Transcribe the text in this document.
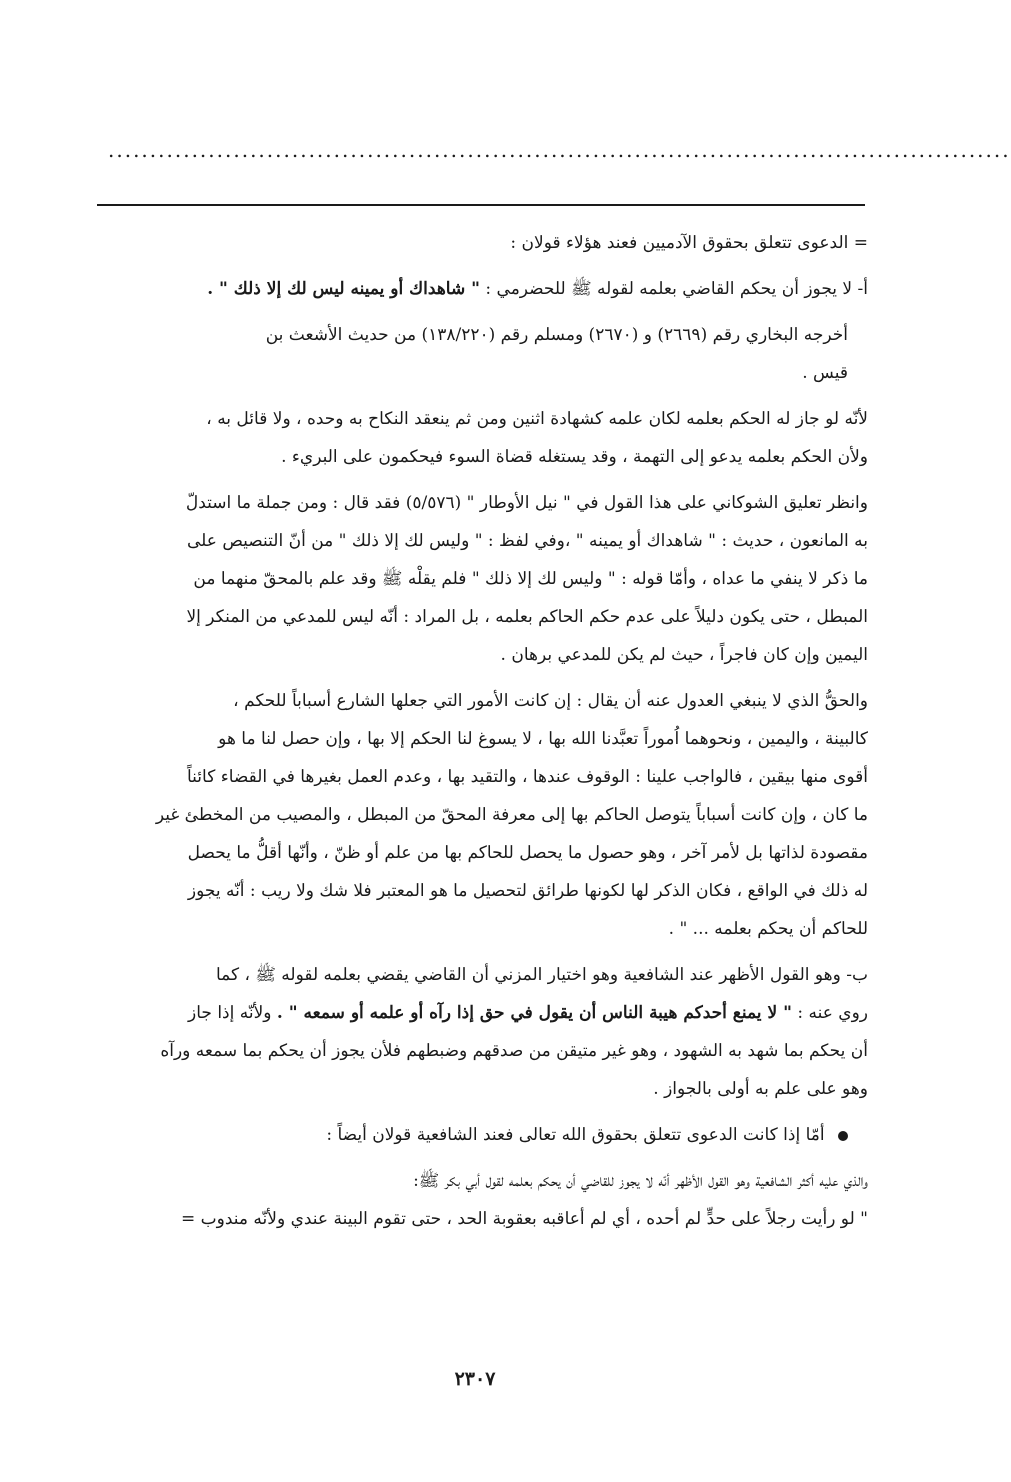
............................................................................................................
= الدعوى تتعلق بحقوق الآدميين فعند هؤلاء قولان :
أ- لا يجوز أن يحكم القاضي بعلمه لقوله ﷺ للحضرمي : " شاهداك أو يمينه ليس لك إلا ذلك " .
أخرجه البخاري رقم (٢٦٦٩) و (٢٦٧٠) ومسلم رقم (١٣٨/٢٢٠) من حديث الأشعث بن
قيس .
لأنّه لو جاز له الحكم بعلمه لكان علمه كشهادة اثنين ومن ثم ينعقد النكاح به وحده ، ولا قائل به ،
ولأن الحكم بعلمه يدعو إلى التهمة ، وقد يستغله قضاة السوء فيحكمون على البريء .
وانظر تعليق الشوكاني على هذا القول في " نيل الأوطار " (٥/٥٧٦) فقد قال : ومن جملة ما استدلّ
به المانعون ، حديث : " شاهداك أو يمينه " ،وفي لفظ : " وليس لك إلا ذلك " من أنّ التنصيص على
ما ذكر لا ينفي ما عداه ، وأمّا قوله : " وليس لك إلا ذلك " فلم يقلْه ﷺ وقد علم بالمحقّ منهما من
المبطل ، حتى يكون دليلاً على عدم حكم الحاكم بعلمه ، بل المراد : أنّه ليس للمدعي من المنكر إلا
اليمين وإن كان فاجراً ، حيث لم يكن للمدعي برهان .
والحقُّ الذي لا ينبغي العدول عنه أن يقال : إن كانت الأمور التي جعلها الشارع أسباباً للحكم ،
كالبينة ، واليمين ، ونحوهما اُموراً تعبَّدنا الله بها ، لا يسوغ لنا الحكم إلا بها ، وإن حصل لنا ما هو
أقوى منها بيقين ، فالواجب علينا : الوقوف عندها ، والتقيد بها ، وعدم العمل بغيرها في القضاء كائناً
ما كان ، وإن كانت أسباباً يتوصل الحاكم بها إلى معرفة المحقّ من المبطل ، والمصيب من المخطئ غير
مقصودة لذاتها بل لأمر آخر ، وهو حصول ما يحصل للحاكم بها من علم أو ظنّ ، وأنّها أقلُّ ما يحصل
له ذلك في الواقع ، فكان الذكر لها لكونها طرائق لتحصيل ما هو المعتبر فلا شك ولا ريب : أنّه يجوز
للحاكم أن يحكم بعلمه ... " .
ب- وهو القول الأظهر عند الشافعية وهو اختيار المزني أن القاضي يقضي بعلمه لقوله ﷺ ، كما
روي عنه : " لا يمنع أحدكم هيبة الناس أن يقول في حق إذا رآه أو علمه أو سمعه " . ولأنّه إذا جاز
أن يحكم بما شهد به الشهود ، وهو غير متيقن من صدقهم وضبطهم فلأن يجوز أن يحكم بما سمعه ورآه
وهو على علم به أولى بالجواز .
أمّا إذا كانت الدعوى تتعلق بحقوق الله تعالى فعند الشافعية قولان أيضاً :
والذي عليه أكثر الشافعية وهو القول الأظهر أنّه لا يجوز للقاضي أن يحكم بعلمه لقول أبي بكر ﷺ:
" لو رأيت رجلاً على حدٍّ لم أحده ، أي لم أعاقبه بعقوبة الحد ، حتى تقوم البينة عندي ولأنّه مندوب =
٢٣٠٧
